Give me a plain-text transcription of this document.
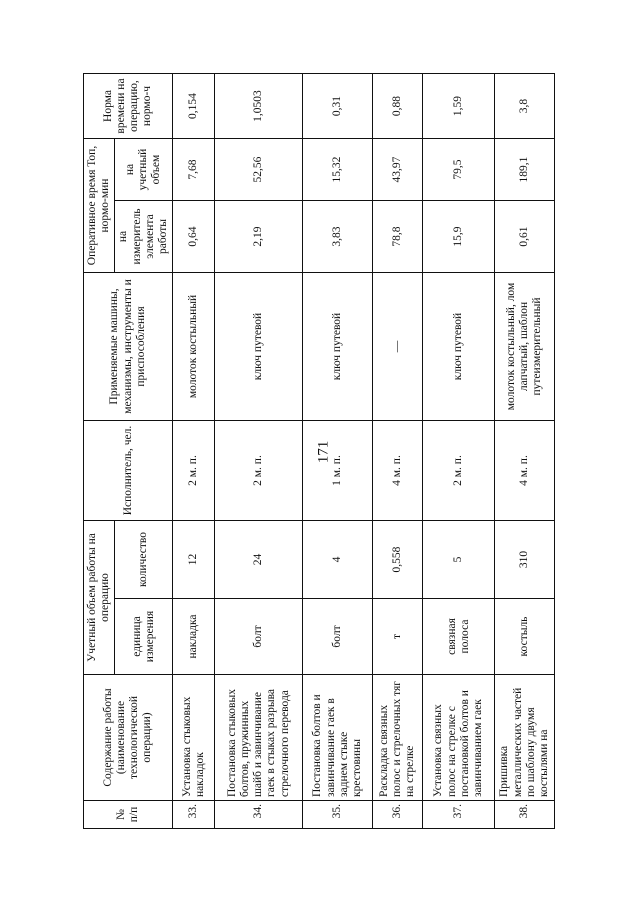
171
№ п/п	Содержание работы (наименование технологической операции)	Учетный объем работы на операцию		Исполнитель, чел.	Применяемые машины, механизмы, инструменты и приспособления	Оперативное время Топ, нормо-мин		Норма времени на операцию, нормо-ч
		единица измерения	количество			на измеритель элемента работы	на учетный объем	
33.	Установка стыковых накладок	накладка	12	2 м. п.	молоток костыльный	0,64	7,68	0,154
34.	Постановка стыковых болтов, пружинных шайб и завинчивание гаек в стыках разрыва стрелочного перевода	болт	24	2 м. п.	ключ путевой	2,19	52,56	1,0503
35.	Постановка болтов и завинчивание гаек в заднем стыке крестовины	болт	4	1 м. п.	ключ путевой	3,83	15,32	0,31
36.	Раскладка связных полос и стрелочных тяг на стрелке	т	0,558	4 м. п.	—	78,8	43,97	0,88
37.	Установка связных полос на стрелке с постановкой болтов и завинчиванием гаек	связная полоса	5	2 м. п.	ключ путевой	15,9	79,5	1,59
38.	Пришивка металлических частей по шаблону двумя костылями на	костыль	310	4 м. п.	молоток костыльный, лом лапчатый, шаблон путеизмерительный	0,61	189,1	3,8
